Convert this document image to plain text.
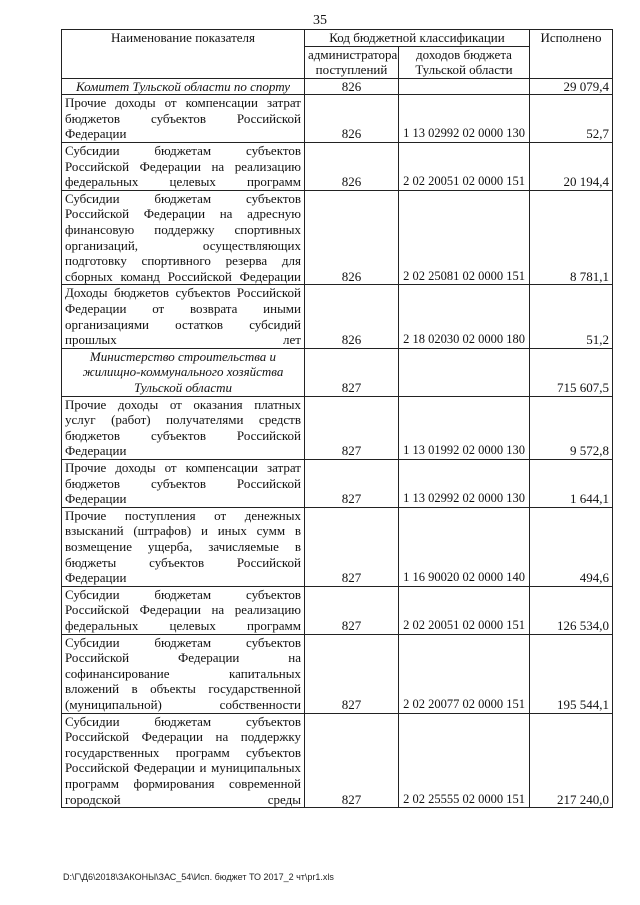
35
Наименование показателя	Код бюджетной классификации		Исполнено
	администратора поступлений	доходов бюджета Тульской области	
Комитет Тульской области по спорту	826		29 079,4
Прочие доходы от компенсации затрат бюджетов субъектов Российской Федерации	826	1 13 02992 02 0000 130	52,7
Субсидии бюджетам субъектов Российской Федерации на реализацию федеральных целевых программ	826	2 02 20051 02 0000 151	20 194,4
Субсидии бюджетам субъектов Российской Федерации на адресную финансовую поддержку спортивных организаций, осуществляющих подготовку спортивного резерва для сборных команд Российской Федерации	826	2 02 25081 02 0000 151	8 781,1
Доходы бюджетов субъектов Российской Федерации от возврата иными организациями остатков субсидий прошлых лет	826	2 18 02030 02 0000 180	51,2
Министерство строительства и жилищно-коммунального хозяйства Тульской области	827		715 607,5
Прочие доходы от оказания платных услуг (работ) получателями средств бюджетов субъектов Российской Федерации	827	1 13 01992 02 0000 130	9 572,8
Прочие доходы от компенсации затрат бюджетов субъектов Российской Федерации	827	1 13 02992 02 0000 130	1 644,1
Прочие поступления от денежных взысканий (штрафов) и иных сумм в возмещение ущерба, зачисляемые в бюджеты субъектов Российской Федерации	827	1 16 90020 02 0000 140	494,6
Субсидии бюджетам субъектов Российской Федерации на реализацию федеральных целевых программ	827	2 02 20051 02 0000 151	126 534,0
Субсидии бюджетам субъектов Российской Федерации на софинансирование капитальных вложений в объекты государственной (муниципальной) собственности	827	2 02 20077 02 0000 151	195 544,1
Субсидии бюджетам субъектов Российской Федерации на поддержку государственных программ субъектов Российской Федерации и муниципальных программ формирования современной городской среды	827	2 02 25555 02 0000 151	217 240,0
D:\Г\Д6\2018\ЗАКОНЫ\ЗАС_54\Исп. бюджет ТО 2017_2 чт\pr1.xls
